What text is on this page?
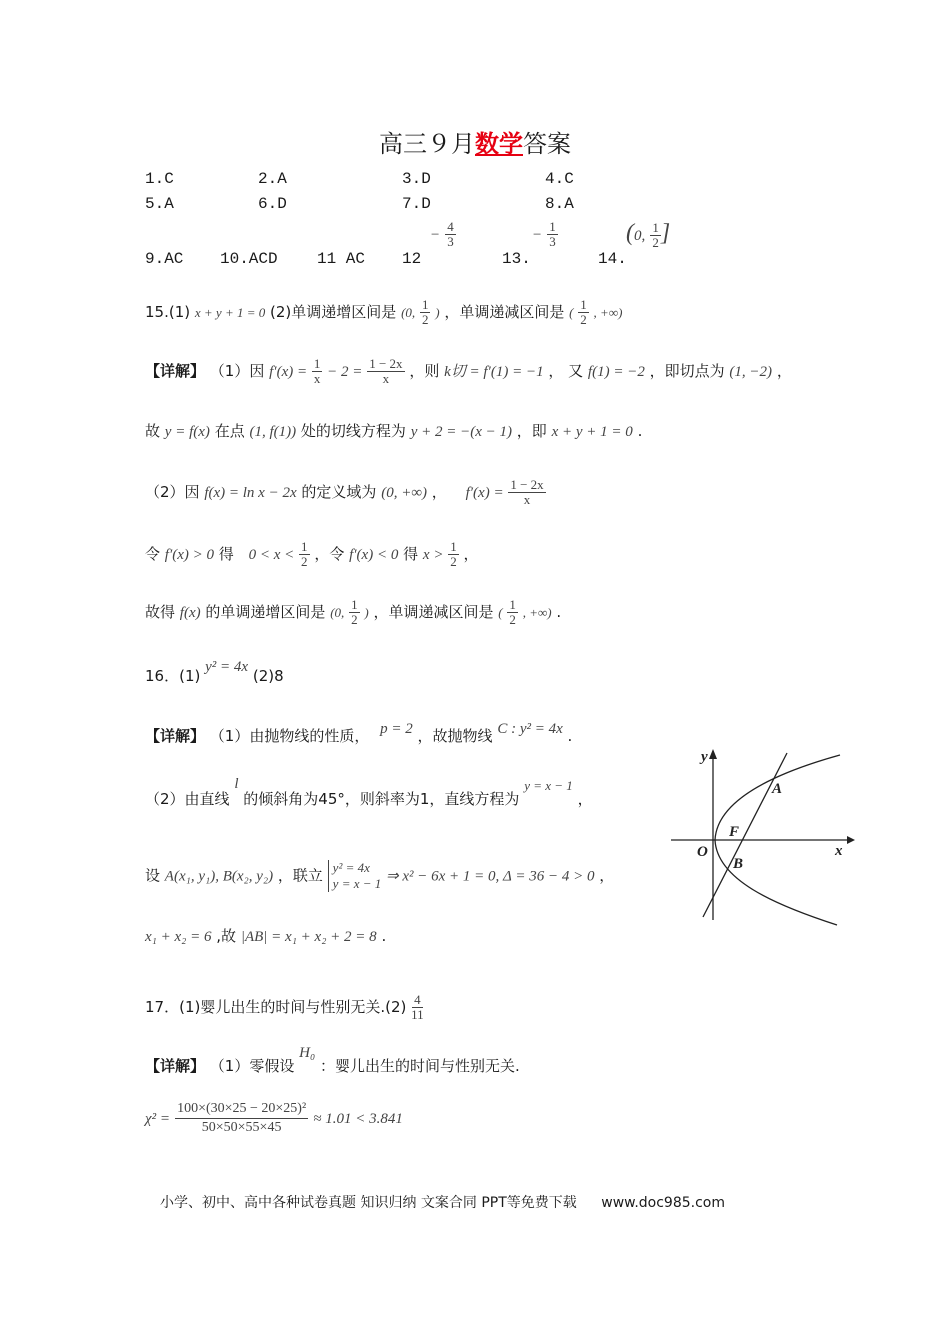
高三９月数学答案
1.C	2.A	3.D	4.C
5.A	6.D	7.D	8.A
9.AC 10.ACD 11 AC 12
− $\frac{4}{3}$
13.
− $\frac{1}{3}$
14.
(0, $\frac{1}{2}$ ]
15.(1) x + y + 1 = 0 (2)单调递增区间是 (0, $\frac{1}{2}$ ) ，单调递减区间是 ( $\frac{1}{2}$ , +∞)
【详解】 （1）因 $f'(x) = \frac{1}{x} - 2 = \frac{1 - 2x}{x}$ ，则 k切 = f′(1) = −1 ， 又 f(1) = −2 ，即切点为 (1, −2) ，
故 y = f(x) 在点 (1, f(1)) 处的切线方程为 y + 2 = −(x − 1) ，即 x + y + 1 = 0 .
（2）因 f(x) = ln x − 2x 的定义域为 (0, +∞) ， $f'(x) = \frac{1 - 2x}{x}$
令 f′(x) > 0 得 $0 < x < \frac{1}{2}$ ，令 f′(x) < 0 得 $x > \frac{1}{2}$ ，
故得 f(x) 的单调递增区间是 (0, $\frac{1}{2}$ ) ，单调递减区间是 ( $\frac{1}{2}$ , +∞) .
16．(1) y² = 4x (2)8
【详解】 （1）由抛物线的性质， p = 2 ，故抛物线 C : y² = 4x .
（2）由直线 l 的倾斜角为45°，则斜率为1，直线方程为 y = x − 1 ，
设 A(x₁, y₁), B(x₂, y₂) ，联立 y² = 4x
y = x − 1 ⇒ x² − 6x + 1 = 0, Δ = 36 − 4 > 0 ，
x₁ + x₂ = 6 ,故 |AB| = x₁ + x₂ + 2 = 8 .
y
x
O
A
B
F
17．(1)婴儿出生的时间与性别无关$.(2) \frac{4}{11}$
【详解】 （1）零假设 H₀ ：婴儿出生的时间与性别无关.
$\chi^2 = \frac{\text{100×(30×25 − 20×25)²}}{50\times 50\times 55\times 45} \approx 1.01 < 3.841$
小学、初中、高中各种试卷真题 知识归纳 文案合同 PPT等免费下载 www.doc985.com
